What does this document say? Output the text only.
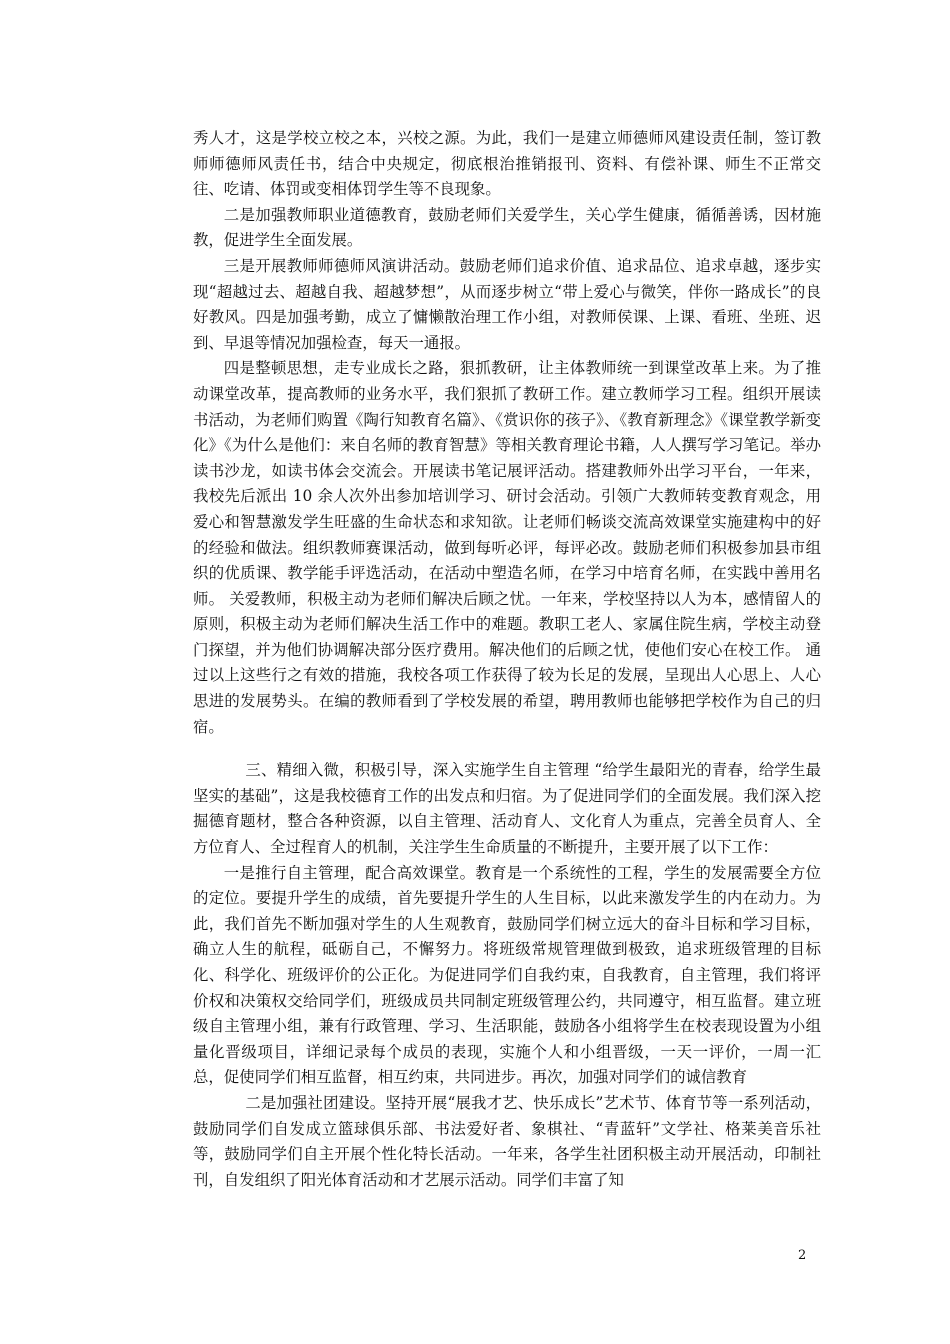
秀人才，这是学校立校之本，兴校之源。为此，我们一是建立师德师风建设责任制，签订教师师德师风责任书，结合中央规定，彻底根治推销报刊、资料、有偿补课、师生不正常交往、吃请、体罚或变相体罚学生等不良现象。

二是加强教师职业道德教育，鼓励老师们关爱学生，关心学生健康，循循善诱，因材施教，促进学生全面发展。

三是开展教师师德师风演讲活动。鼓励老师们追求价值、追求品位、追求卓越，逐步实现“超越过去、超越自我、超越梦想”，从而逐步树立“带上爱心与微笑，伴你一路成长”的良好教风。四是加强考勤，成立了慵懒散治理工作小组，对教师侯课、上课、看班、坐班、迟到、早退等情况加强检查，每天一通报。

四是整顿思想，走专业成长之路，狠抓教研，让主体教师统一到课堂改革上来。为了推动课堂改革，提高教师的业务水平，我们狠抓了教研工作。建立教师学习工程。组织开展读书活动，为老师们购置《陶行知教育名篇》、《赏识你的孩子》、《教育新理念》《课堂教学新变化》《为什么是他们：来自名师的教育智慧》等相关教育理论书籍，人人撰写学习笔记。举办读书沙龙，如读书体会交流会。开展读书笔记展评活动。搭建教师外出学习平台，一年来，我校先后派出 10 余人次外出参加培训学习、研讨会活动。引领广大教师转变教育观念，用爱心和智慧激发学生旺盛的生命状态和求知欲。让老师们畅谈交流高效课堂实施建构中的好的经验和做法。组织教师赛课活动，做到每听必评，每评必改。鼓励老师们积极参加县市组织的优质课、教学能手评选活动，在活动中塑造名师，在学习中培育名师，在实践中善用名师。 关爱教师，积极主动为老师们解决后顾之忧。一年来，学校坚持以人为本，感情留人的原则，积极主动为老师们解决生活工作中的难题。教职工老人、家属住院生病，学校主动登门探望，并为他们协调解决部分医疗费用。解决他们的后顾之忧，使他们安心在校工作。 通过以上这些行之有效的措施，我校各项工作获得了较为长足的发展，呈现出人心思上、人心思进的发展势头。在编的教师看到了学校发展的希望，聘用教师也能够把学校作为自己的归宿。

三、精细入微，积极引导，深入实施学生自主管理 “给学生最阳光的青春，给学生最坚实的基础”，这是我校德育工作的出发点和归宿。为了促进同学们的全面发展。我们深入挖掘德育题材，整合各种资源，以自主管理、活动育人、文化育人为重点，完善全员育人、全方位育人、全过程育人的机制，关注学生生命质量的不断提升，主要开展了以下工作：

一是推行自主管理，配合高效课堂。教育是一个系统性的工程，学生的发展需要全方位的定位。要提升学生的成绩，首先要提升学生的人生目标，以此来激发学生的内在动力。为此，我们首先不断加强对学生的人生观教育，鼓励同学们树立远大的奋斗目标和学习目标，确立人生的航程，砥砺自己，不懈努力。将班级常规管理做到极致，追求班级管理的目标化、科学化、班级评价的公正化。为促进同学们自我约束，自我教育，自主管理，我们将评价权和决策权交给同学们，班级成员共同制定班级管理公约，共同遵守，相互监督。建立班级自主管理小组，兼有行政管理、学习、生活职能，鼓励各小组将学生在校表现设置为小组量化晋级项目，详细记录每个成员的表现，实施个人和小组晋级，一天一评价，一周一汇总，促使同学们相互监督，相互约束，共同进步。再次，加强对同学们的诚信教育

二是加强社团建设。坚持开展“展我才艺、快乐成长”艺术节、体育节等一系列活动，鼓励同学们自发成立篮球俱乐部、书法爱好者、象棋社、“青蓝轩”文学社、格莱美音乐社等，鼓励同学们自主开展个性化特长活动。一年来，各学生社团积极主动开展活动，印制社刊，自发组织了阳光体育活动和才艺展示活动。同学们丰富了知

2
